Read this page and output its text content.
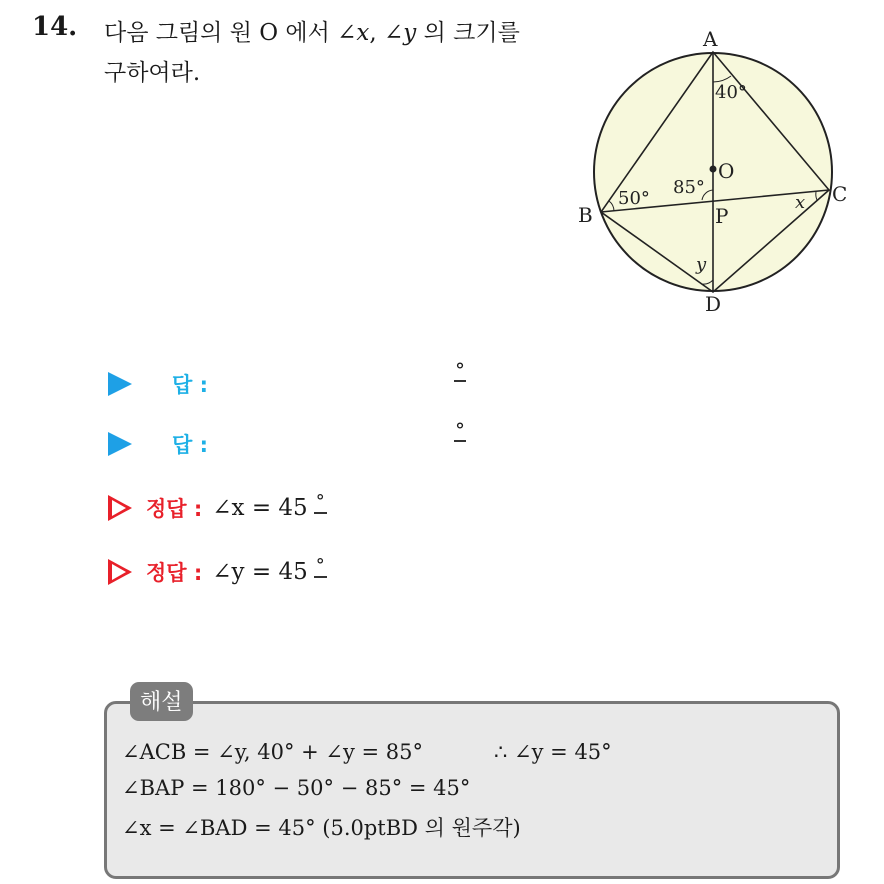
14. 다음 그림의 원 O 에서 ∠x, ∠y 의 크기를
구하여라.
A
O
B
C
P
D
40°
50°
85°
x
y
답 :
°
답 :
°
정답 : ∠x = 45 °
정답 : ∠y = 45 °
해설
∠ACB = ∠y, 40° + ∠y = 85°	∴ ∠y = 45°
∠BAP = 180° − 50° − 85° = 45°
∠x = ∠BAD = 45° (5.0ptBD 의 원주각)
